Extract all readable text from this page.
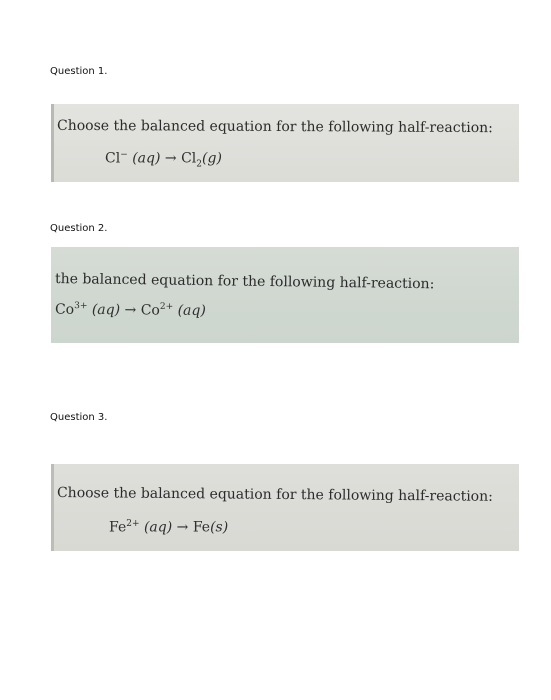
Question 1.
Choose the balanced equation for the following half-reaction:
Cl− $(aq) \to Cl_2(g)$
Question 2.
the balanced equation for the following half-reaction:
$Co^{3+}$ $(aq) \to Co^{2+}$ (aq)
Question 3.
Choose the balanced equation for the following half-reaction:
$Fe^{2+}$ (aq) → Fe(s)
